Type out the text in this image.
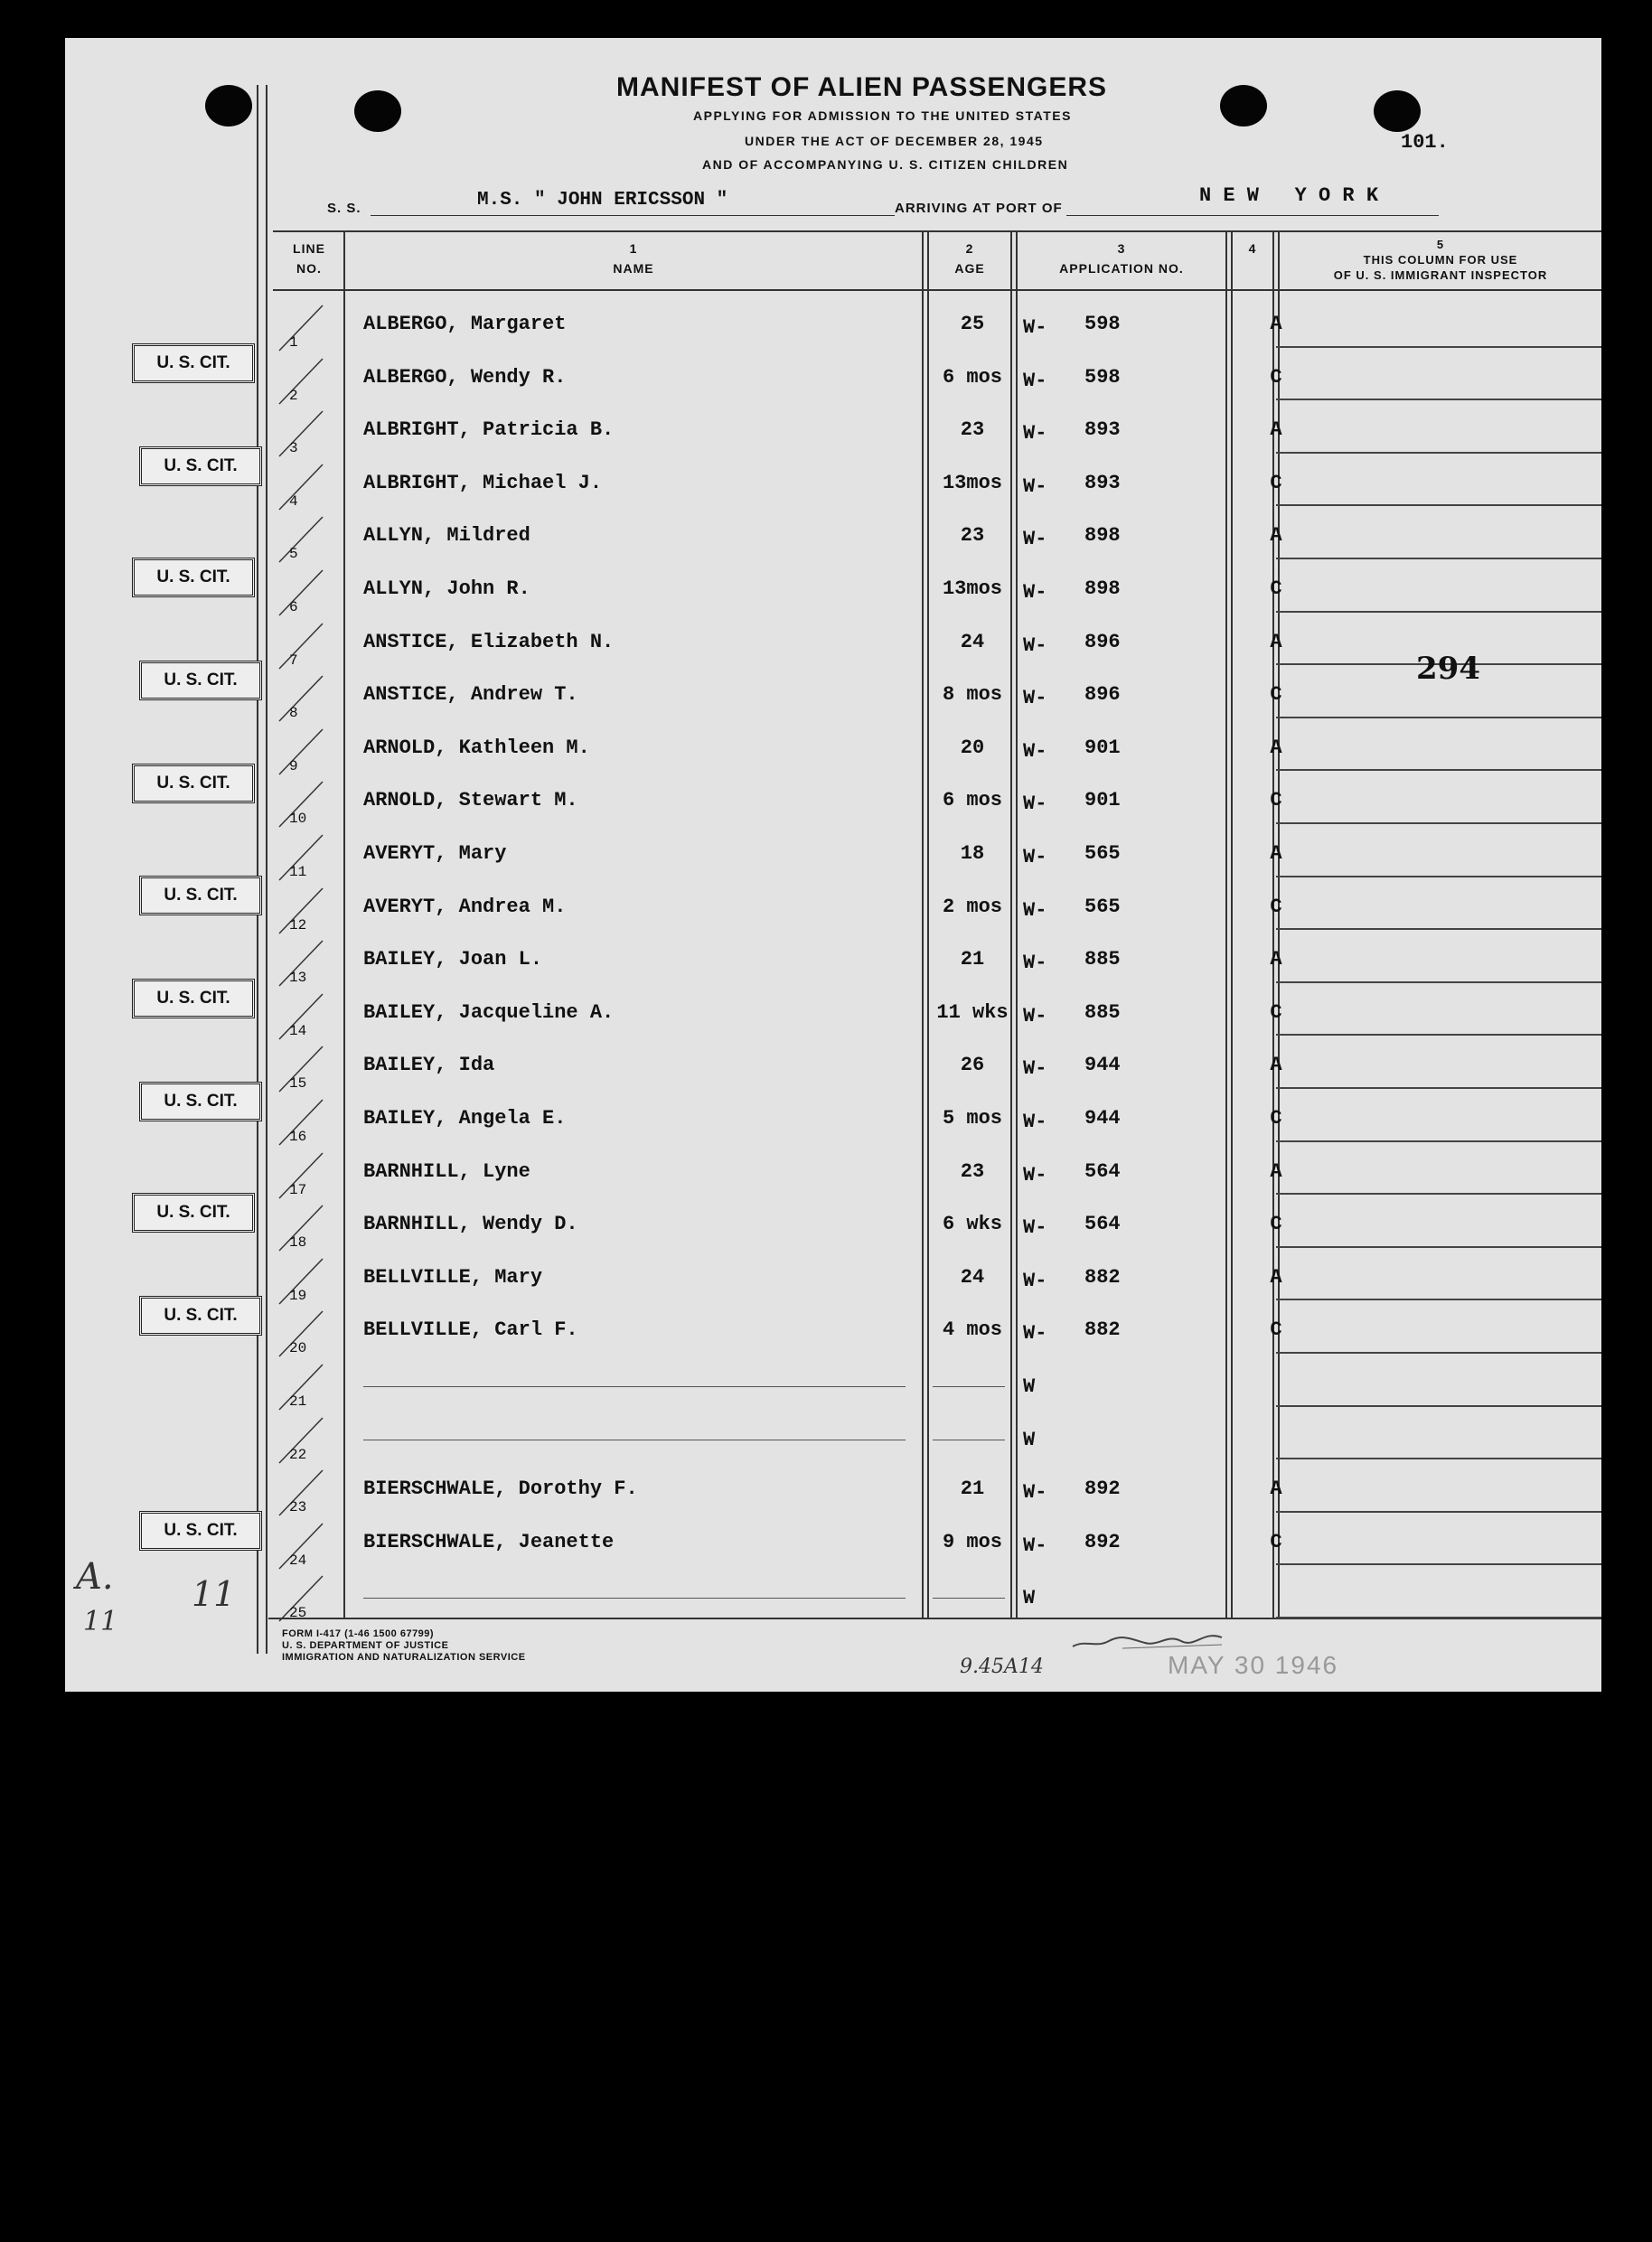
MANIFEST OF ALIEN PASSENGERS
APPLYING FOR ADMISSION TO THE UNITED STATES
UNDER THE ACT OF DECEMBER 28, 1945
AND OF ACCOMPANYING U. S. CITIZEN CHILDREN
101.
S. S.	M.S. " JOHN ERICSSON "	ARRIVING AT PORT OF
N E W   Y O R K
LINE
NO.
1
NAME
2
AGE
3
APPLICATION NO.
4	5
THIS COLUMN FOR USE
OF U. S. IMMIGRANT INSPECTOR
1
ALBERGO, Margaret	25	W- 598	A
2
ALBERGO, Wendy R.	6 mos	W- 598	C
3
ALBRIGHT, Patricia B.	23	W- 893	A
4
ALBRIGHT, Michael J.	13mos	W- 893	C
5
ALLYN, Mildred	23	W- 898	A
6
ALLYN, John R.	13mos	W- 898	C
7
ANSTICE, Elizabeth N.	24	W- 896	A
8
ANSTICE, Andrew T.	8 mos	W- 896	C
9
ARNOLD, Kathleen M.	20	W- 901	A
10
ARNOLD, Stewart M.	6 mos	W- 901	C
11
AVERYT, Mary	18	W- 565	A
12
AVERYT, Andrea M.	2 mos	W- 565	C
13
BAILEY, Joan L.	21	W- 885	A
14
BAILEY, Jacqueline A.	11 wks W- 885	C
15
BAILEY, Ida	26	W- 944	A
16
BAILEY, Angela E.	5 mos	W- 944	C
17
BARNHILL, Lyne	23	W- 564	A
18
BARNHILL, Wendy D.	6 wks	W- 564	C
19
BELLVILLE, Mary	24	W- 882	A
20
BELLVILLE, Carl F.	4 mos	W- 882	C
21
W
22
W
23
BIERSCHWALE, Dorothy F.	21	W- 892	A
24
BIERSCHWALE, Jeanette	9 mos	W- 892	C
25
W
294
U. S. CIT.
U. S. CIT.
U. S. CIT.
U. S. CIT.
U. S. CIT.
U. S. CIT.
U. S. CIT.
U. S. CIT.
U. S. CIT.
U. S. CIT.
U. S. CIT.
FORM I-417 (1-46 1500 67799)
U. S. DEPARTMENT OF JUSTICE
IMMIGRATION AND NATURALIZATION SERVICE	MAY 30 1946
9.45A14
A.
11
11
